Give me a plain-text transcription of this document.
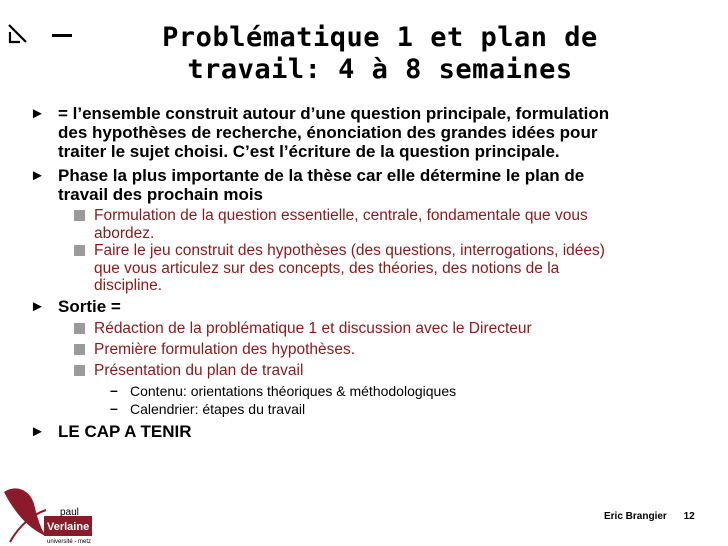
Problématique 1 et plan de
travail: 4 à 8 semaines
► = l’ensemble construit autour d’une question principale, formulation
des hypothèses de recherche, énonciation des grandes idées pour
traiter le sujet choisi. C’est l’écriture de la question principale.
► Phase la plus importante de la thèse car elle détermine le plan de
travail des prochain mois
Formulation de la question essentielle, centrale, fondamentale que vous
abordez.
Faire le jeu construit des hypothèses (des questions, interrogations, idées)
que vous articulez sur des concepts, des théories, des notions de la
discipline.
► Sortie =
Rédaction de la problématique 1 et discussion avec le Directeur
Première formulation des hypothèses.
Présentation du plan de travail
– Contenu: orientations théoriques & méthodologiques
– Calendrier: étapes du travail
► LE CAP A TENIR
paul
Verlaine
université - metz
Eric Brangier 12
